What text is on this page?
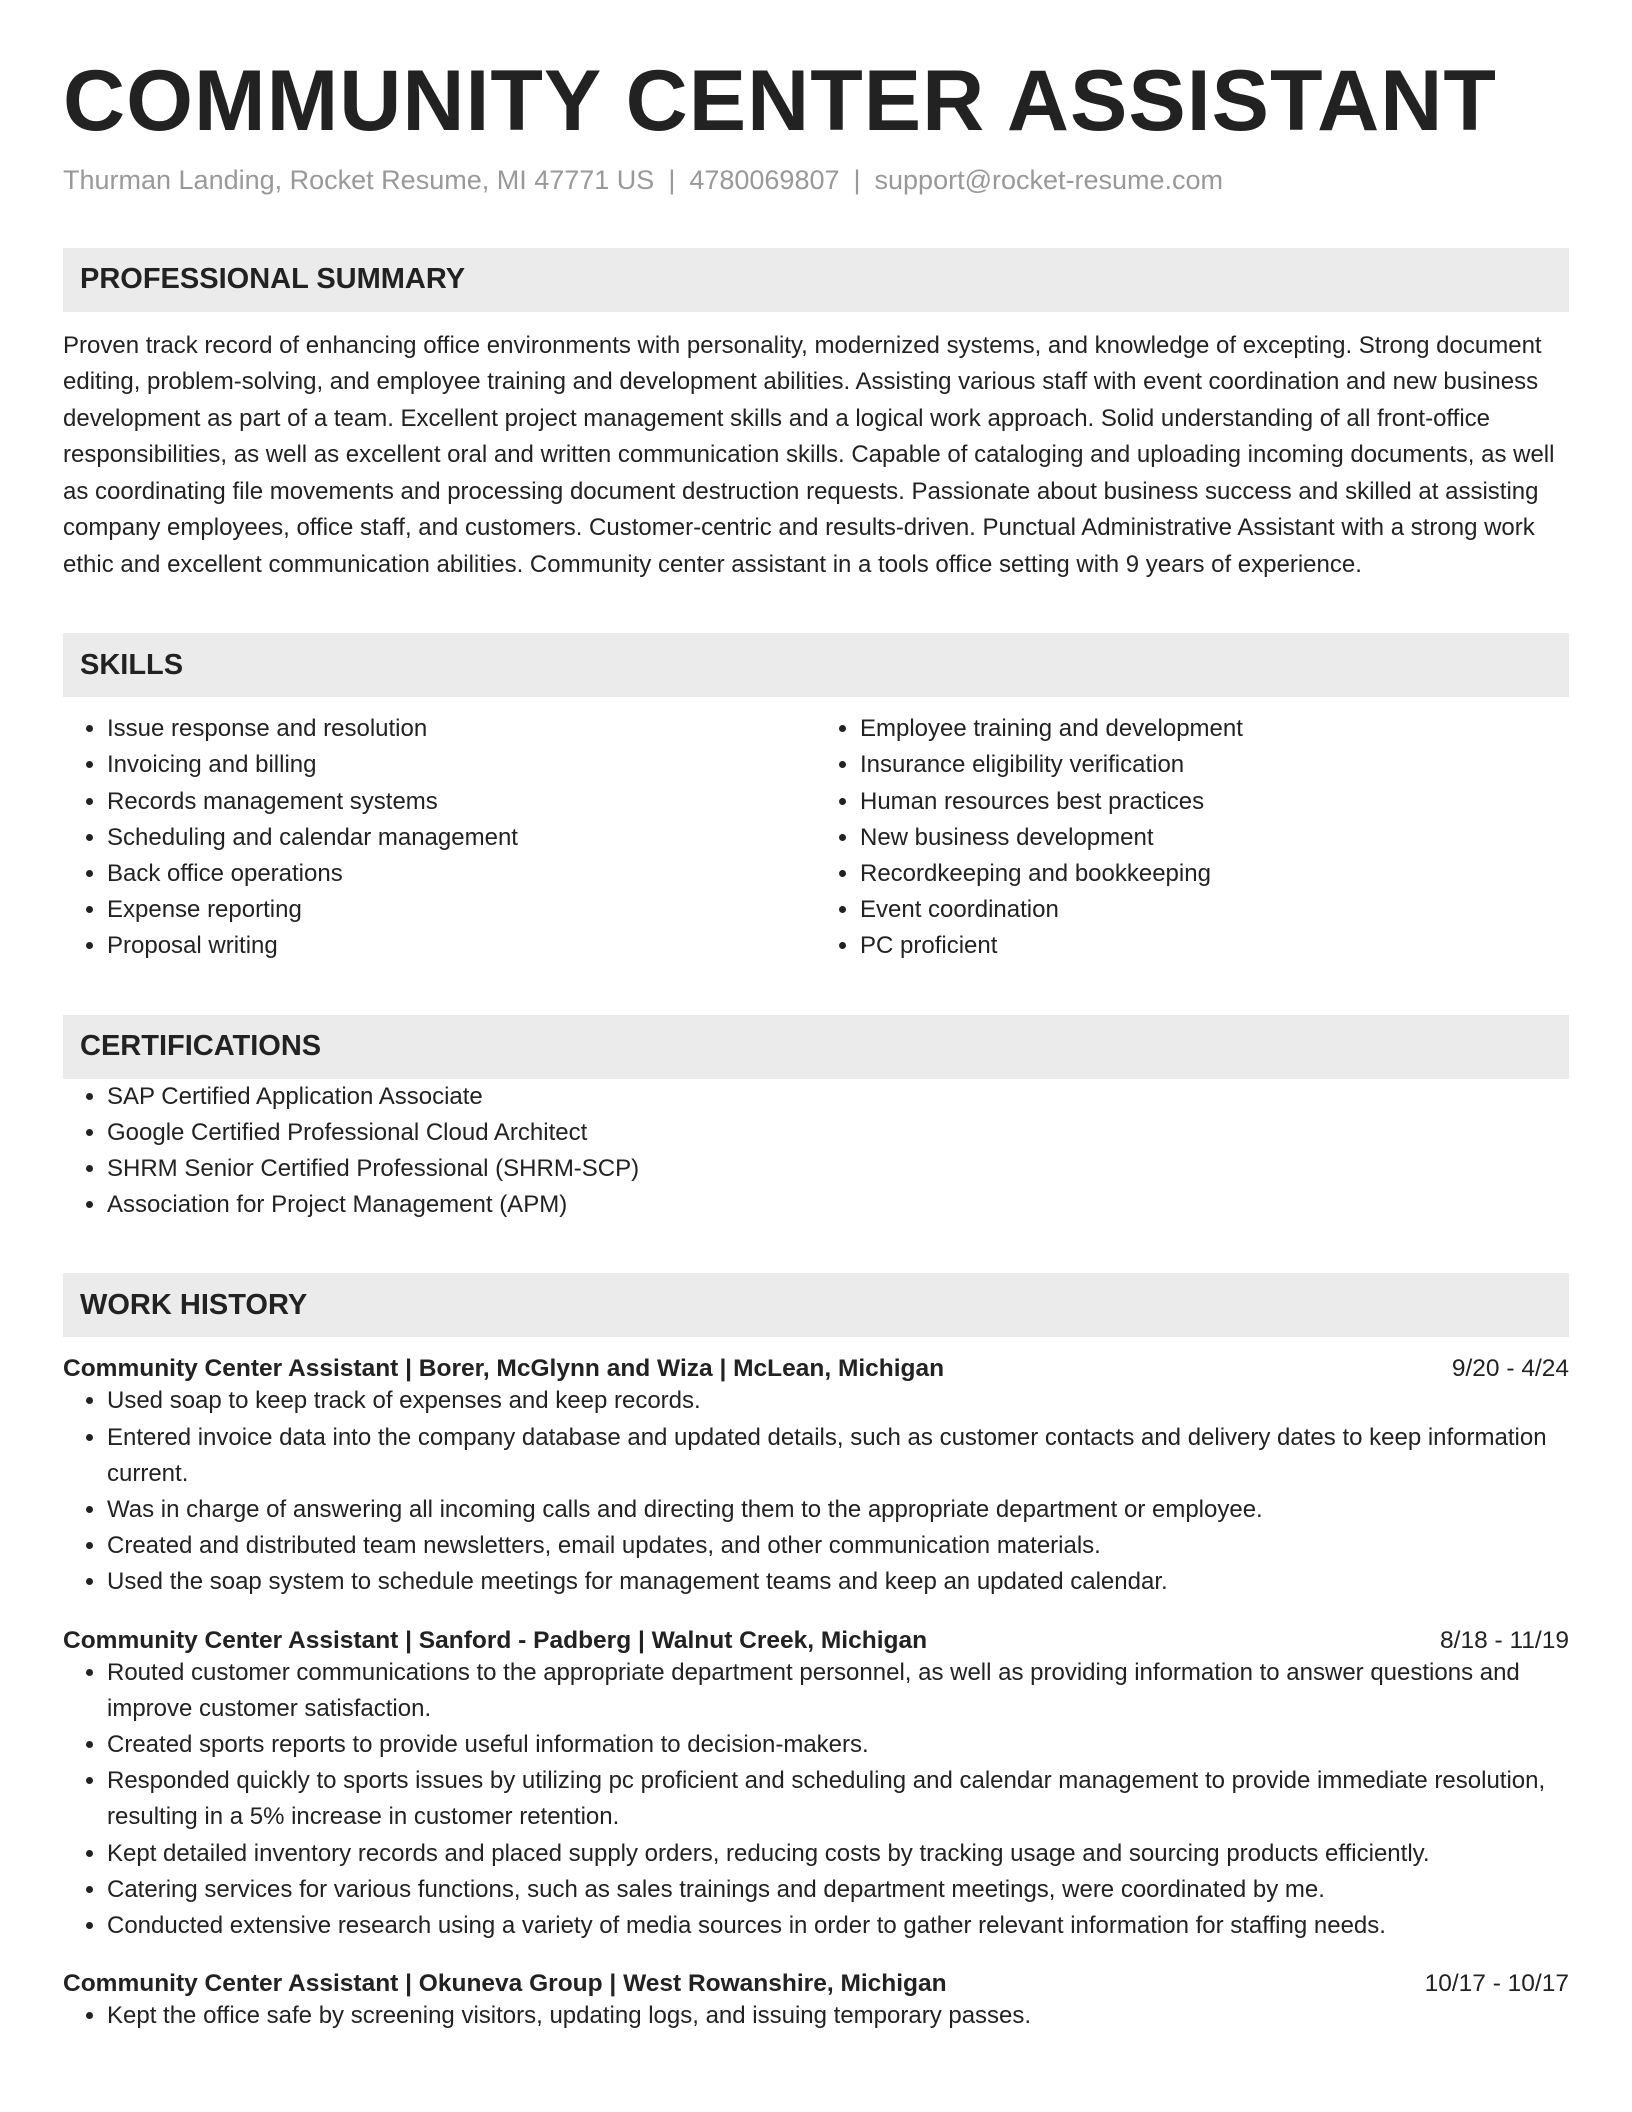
COMMUNITY CENTER ASSISTANT
Thurman Landing, Rocket Resume, MI 47771 US | 4780069807 | support@rocket-resume.com
PROFESSIONAL SUMMARY
Proven track record of enhancing office environments with personality, modernized systems, and knowledge of excepting. Strong document editing, problem-solving, and employee training and development abilities. Assisting various staff with event coordination and new business development as part of a team. Excellent project management skills and a logical work approach. Solid understanding of all front-office responsibilities, as well as excellent oral and written communication skills. Capable of cataloging and uploading incoming documents, as well as coordinating file movements and processing document destruction requests. Passionate about business success and skilled at assisting company employees, office staff, and customers. Customer-centric and results-driven. Punctual Administrative Assistant with a strong work ethic and excellent communication abilities. Community center assistant in a tools office setting with 9 years of experience.
SKILLS
• Issue response and resolution
• Invoicing and billing
• Records management systems
• Scheduling and calendar management
• Back office operations
• Expense reporting
• Proposal writing
• Employee training and development
• Insurance eligibility verification
• Human resources best practices
• New business development
• Recordkeeping and bookkeeping
• Event coordination
• PC proficient
CERTIFICATIONS
• SAP Certified Application Associate
• Google Certified Professional Cloud Architect
• SHRM Senior Certified Professional (SHRM-SCP)
• Association for Project Management (APM)
WORK HISTORY
Community Center Assistant | Borer, McGlynn and Wiza | McLean, Michigan	9/20 - 4/24
• Used soap to keep track of expenses and keep records.
• Entered invoice data into the company database and updated details, such as customer contacts and delivery dates to keep information current.
• Was in charge of answering all incoming calls and directing them to the appropriate department or employee.
• Created and distributed team newsletters, email updates, and other communication materials.
• Used the soap system to schedule meetings for management teams and keep an updated calendar.
Community Center Assistant | Sanford - Padberg | Walnut Creek, Michigan	8/18 - 11/19
• Routed customer communications to the appropriate department personnel, as well as providing information to answer questions and improve customer satisfaction.
• Created sports reports to provide useful information to decision-makers.
• Responded quickly to sports issues by utilizing pc proficient and scheduling and calendar management to provide immediate resolution, resulting in a 5% increase in customer retention.
• Kept detailed inventory records and placed supply orders, reducing costs by tracking usage and sourcing products efficiently.
• Catering services for various functions, such as sales trainings and department meetings, were coordinated by me.
• Conducted extensive research using a variety of media sources in order to gather relevant information for staffing needs.
Community Center Assistant | Okuneva Group | West Rowanshire, Michigan	10/17 - 10/17
• Kept the office safe by screening visitors, updating logs, and issuing temporary passes.
